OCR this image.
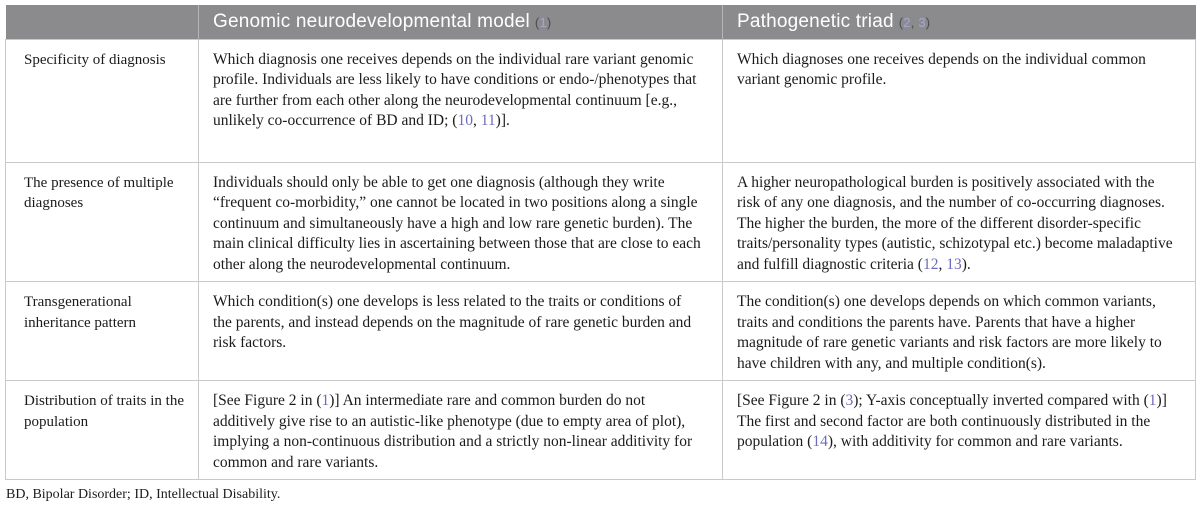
	Genomic neurodevelopmental model (1)	Pathogenetic triad (2, 3)
Specificity of diagnosis	Which diagnosis one receives depends on the individual rare variant genomic profile. Individuals are less likely to have conditions or endo-/phenotypes that are further from each other along the neurodevelopmental continuum [e.g., unlikely co-occurrence of BD and ID; (10, 11)].	Which diagnoses one receives depends on the individual common variant genomic profile.
The presence of multiple diagnoses	Individuals should only be able to get one diagnosis (although they write “frequent co-morbidity,” one cannot be located in two positions along a single continuum and simultaneously have a high and low rare genetic burden). The main clinical difficulty lies in ascertaining between those that are close to each other along the neurodevelopmental continuum.	A higher neuropathological burden is positively associated with the risk of any one diagnosis, and the number of co-occurring diagnoses. The higher the burden, the more of the different disorder-specific traits/personality types (autistic, schizotypal etc.) become maladaptive and fulfill diagnostic criteria (12, 13).
Transgenerational inheritance pattern	Which condition(s) one develops is less related to the traits or conditions of the parents, and instead depends on the magnitude of rare genetic burden and risk factors.	The condition(s) one develops depends on which common variants, traits and conditions the parents have. Parents that have a higher magnitude of rare genetic variants and risk factors are more likely to have children with any, and multiple condition(s).
Distribution of traits in the population	[See Figure 2 in (1)] An intermediate rare and common burden do not additively give rise to an autistic-like phenotype (due to empty area of plot), implying a non-continuous distribution and a strictly non-linear additivity for common and rare variants.	[See Figure 2 in (3); Y-axis conceptually inverted compared with (1)] The first and second factor are both continuously distributed in the population (14), with additivity for common and rare variants.
BD, Bipolar Disorder; ID, Intellectual Disability.
